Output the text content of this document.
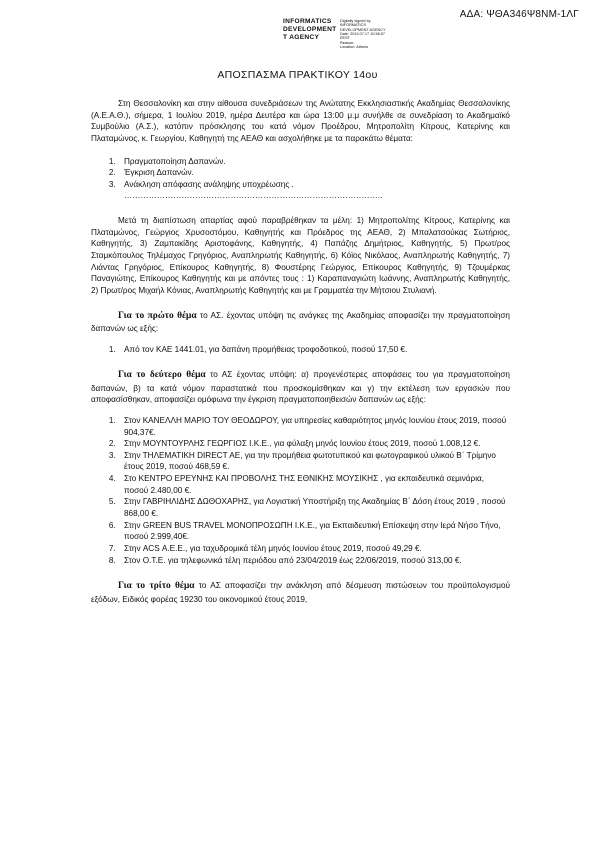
ΑΔΑ: ΨΘΑ346Ψ8ΝΜ-1ΛΓ
INFORMATICS
DEVELOPMENT
T AGENCY
Digitally signed by
INFORMATICS
DEVELOPMENT AGENCY
Date: 2019.07.17 10:56:57
EEST
Reason:
Location: Athens
ΑΠΟΣΠΑΣΜΑ ΠΡΑΚΤΙΚΟΥ 14ου

Στη Θεσσαλονίκη και στην αίθουσα συνεδριάσεων της Ανώτατης Εκκλησιαστικής Ακαδημίας Θεσσαλονίκης (Α.Ε.Α.Θ.), σήμερα, 1 Ιουλίου 2019, ημέρα Δευτέρα και ώρα 13:00 μ.μ συνήλθε σε συνεδρίαση το Ακαδημαϊκό Συμβούλιο (Α.Σ.), κατόπιν πρόσκλησης του κατά νόμον Προέδρου, Μητροπολίτη Κίτρους, Κατερίνης και Πλαταμώνος, κ. Γεωργίου, Καθηγητή της ΑΕΑΘ και ασχολήθηκε με τα παρακάτω θέματα:

1. Πραγματοποίηση Δαπανών.
2. Έγκριση Δαπανών.
3. Ανάκληση απόφασης ανάληψης υποχρέωσης .
…………………………………………………………………………………..

Μετά τη διαπίστωση απαρτίας αφού παραβρέθηκαν τα μέλη: 1) Μητροπολίτης Κίτρους, Κατερίνης και Πλαταμώνος, Γεώργιος Χρυσοστόμου, Καθηγητής και Πρόεδρος της ΑΕΑΘ, 2) Μπαλατσούκας Σωτήριος, Καθηγητής, 3) Ζαμπακίδης Αριστοφάνης, Καθηγητής, 4) Παπάζης Δημήτριος, Καθηγητής, 5) Πρωτ/ρος Σταμκόπουλος Τηλέμαχος Γρηγόριος, Αναπληρωτής Καθηγητής, 6) Κόϊος Νικόλαος, Αναπληρωτής Καθηγητής, 7) Λιάντας Γρηγόριος, Επίκουρος Καθηγητής, 8) Φουστέρης Γεώργιος, Επίκουρος Καθηγητής, 9) Τζουμέρκας Παναγιώτης, Επίκουρος Καθηγητής και με απόντες τους : 1) Καραπαναγιώτη Ιωάννης, Αναπληρωτής Καθηγητής, 2) Πρωτ/ρος Μιχαήλ Κόνιας, Αναπληρωτής Καθηγητής και με Γραμματέα την Μήτσιου Στυλιανή.

Για το πρώτο θέμα το ΑΣ. έχοντας υπόψη τις ανάγκες της Ακαδημίας αποφασίζει την πραγματοποίηση δαπανών ως εξής:

1. Από τον ΚΑΕ 1441.01, για δαπάνη προμήθειας τροφοδοτικού, ποσού 17,50 €.

Για το δεύτερο θέμα το ΑΣ έχοντας υπόψη: α) προγενέστερες αποφάσεις του για πραγματοποίηση δαπανών, β) τα κατά νόμον παραστατικά που προσκομίσθηκαν και γ) την εκτέλεση των εργασιών που αποφασίσθηκαν, αποφασίζει ομόφωνα την έγκριση πραγματοποιηθεισών δαπανών ως εξής:

1. Στον ΚΑΝΕΛΛΗ ΜΑΡΙΟ ΤΟΥ ΘΕΟΔΩΡΟΥ, για υπηρεσίες καθαριότητος μηνός Ιουνίου έτους 2019, ποσού 904,37€.
2. Στην ΜΟΥΝΤΟΥΡΛΗΣ ΓΕΩΡΓΙΟΣ Ι.Κ.Ε., για φύλαξη μηνός Ιουνίου έτους 2019, ποσού 1.008,12 €.
3. Στην ΤΗΛΕΜΑΤΙΚΗ DIRECT AE, για την προμήθεια φωτοτυπικού και φωτογραφικού υλικού Β΄ Τρίμηνο έτους 2019, ποσού 468,59 €.
4. Στο ΚΕΝΤΡΟ ΕΡΕΥΝΗΣ ΚΑΙ ΠΡΟΒΟΛΗΣ ΤΗΣ ΕΘΝΙΚΗΣ ΜΟΥΣΙΚΗΣ , για εκπαιδευτικά σεμινάρια, ποσού 2.480,00 €.
5. Στην ΓΑΒΡΙΗΛΙΔΗΣ ΔΩΘΟΧΑΡΗΣ, για Λογιστική Υποστήριξη της Ακαδημίας Β΄ Δόση έτους 2019 , ποσού 868,00 €.
6. Στην GREEN BUS TRAVEL ΜΟΝΟΠΡΟΣΩΠΗ Ι.Κ.Ε., για Εκπαιδευτική Επίσκεψη στην Ιερά Νήσο Τήνο, ποσού 2.999,40€.
7. Στην ACS Α.Ε.Ε., για ταχυδρομικά τέλη μηνός Ιουνίου έτους 2019, ποσού 49,29 €.
8. Στον Ο.Τ.Ε. για τηλεφωνικά τέλη περιόδου από 23/04/2019 έως 22/06/2019, ποσού 313,00 €.

Για το τρίτο θέμα το ΑΣ αποφασίζει την ανάκληση από δέσμευση πιστώσεων του προϋπολογισμού εξόδων, Ειδικός φορέας 19230 του οικονομικού έτους 2019,
